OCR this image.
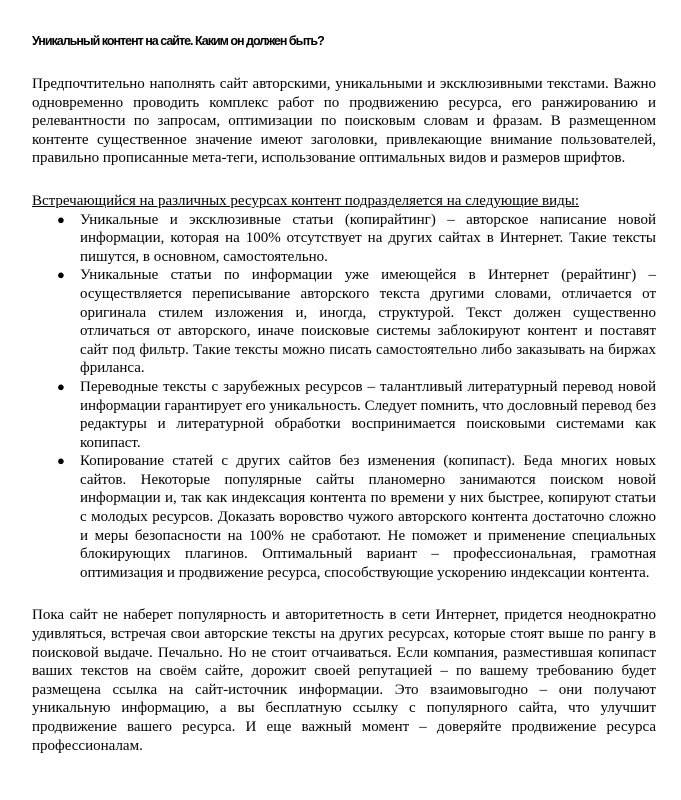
Уникальный контент на сайте. Каким он должен быть?

Предпочтительно наполнять сайт авторскими, уникальными и эксклюзивными текстами. Важно одновременно проводить комплекс работ по продвижению ресурса, его ранжированию и релевантности по запросам, оптимизации по поисковым словам и фразам. В размещенном контенте существенное значение имеют заголовки, привлекающие внимание пользователей, правильно прописанные мета-теги, использование оптимальных видов и размеров шрифтов.

Встречающийся на различных ресурсах контент подразделяется на следующие виды:

● Уникальные и эксклюзивные статьи (копирайтинг) – авторское написание новой информации, которая на 100% отсутствует на других сайтах в Интернет. Такие тексты пишутся, в основном, самостоятельно.
● Уникальные статьи по информации уже имеющейся в Интернет (рерайтинг) – осуществляется переписывание авторского текста другими словами, отличается от оригинала стилем изложения и, иногда, структурой. Текст должен существенно отличаться от авторского, иначе поисковые системы заблокируют контент и поставят сайт под фильтр. Такие тексты можно писать самостоятельно либо заказывать на биржах фриланса.
● Переводные тексты с зарубежных ресурсов – талантливый литературный перевод новой информации гарантирует его уникальность. Следует помнить, что дословный перевод без редактуры и литературной обработки воспринимается поисковыми системами как копипаст.
● Копирование статей с других сайтов без изменения (копипаст). Беда многих новых сайтов. Некоторые популярные сайты планомерно занимаются поиском новой информации и, так как индексация контента по времени у них быстрее, копируют статьи с молодых ресурсов. Доказать воровство чужого авторского контента достаточно сложно и меры безопасности на 100% не сработают. Не поможет и применение специальных блокирующих плагинов. Оптимальный вариант – профессиональная, грамотная оптимизация и продвижение ресурса, способствующие ускорению индексации контента.

Пока сайт не наберет популярность и авторитетность в сети Интернет, придется неоднократно удивляться, встречая свои авторские тексты на других ресурсах, которые стоят выше по рангу в поисковой выдаче. Печально. Но не стоит отчаиваться. Если компания, разместившая копипаст ваших текстов на своём сайте, дорожит своей репутацией – по вашему требованию будет размещена ссылка на сайт-источник информации. Это взаимовыгодно – они получают уникальную информацию, а вы бесплатную ссылку с популярного сайта, что улучшит продвижение вашего ресурса. И еще важный момент – доверяйте продвижение ресурса профессионалам.
